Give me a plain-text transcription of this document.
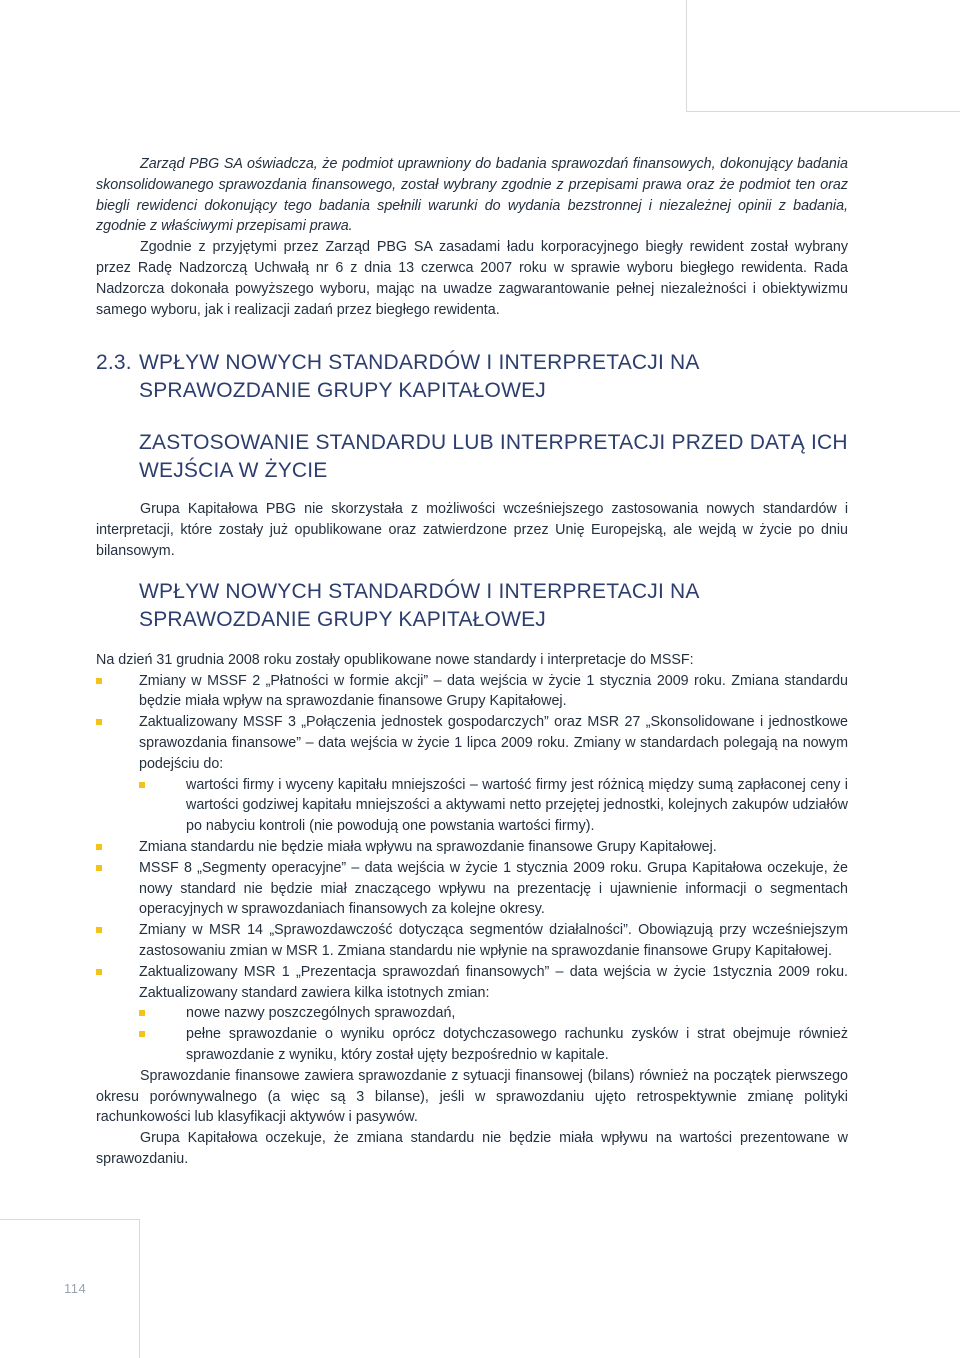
114

Zarząd PBG SA oświadcza, że podmiot uprawniony do badania sprawozdań finansowych, dokonujący badania skonsolidowanego sprawozdania finansowego, został wybrany zgodnie z przepisami prawa oraz że podmiot ten oraz biegli rewidenci dokonujący tego badania spełnili warunki do wydania bezstronnej i niezależnej opinii z badania, zgodnie z właściwymi przepisami prawa.

Zgodnie z przyjętymi przez Zarząd PBG SA zasadami ładu korporacyjnego biegły rewident został wybrany przez Radę Nadzorczą Uchwałą nr 6 z dnia 13 czerwca 2007 roku w sprawie wyboru biegłego rewidenta. Rada Nadzorcza dokonała powyższego wyboru, mając na uwadze zagwarantowanie pełnej niezależności i obiektywizmu samego wyboru, jak i realizacji zadań przez biegłego rewidenta.

2.3. WPŁYW NOWYCH STANDARDÓW I INTERPRETACJI NA SPRAWOZDANIE GRUPY KAPITAŁOWEJ
ZASTOSOWANIE STANDARDU LUB INTERPRETACJI PRZED DATĄ ICH WEJŚCIA W ŻYCIE

Grupa Kapitałowa PBG nie skorzystała z możliwości wcześniejszego zastosowania nowych standardów i interpretacji, które zostały już opublikowane oraz zatwierdzone przez Unię Europejską, ale wejdą w życie po dniu bilansowym.

WPŁYW NOWYCH STANDARDÓW I INTERPRETACJI NA SPRAWOZDANIE GRUPY KAPITAŁOWEJ

Na dzień 31 grudnia 2008 roku zostały opublikowane nowe standardy i interpretacje do MSSF:

Zmiany w MSSF 2 „Płatności w formie akcji” – data wejścia w życie 1 stycznia 2009 roku. Zmiana standardu będzie miała wpływ na sprawozdanie finansowe Grupy Kapitałowej.
Zaktualizowany MSSF 3 „Połączenia jednostek gospodarczych” oraz MSR 27 „Skonsolidowane i jednostkowe sprawozdania finansowe” – data wejścia w życie 1 lipca 2009 roku. Zmiany w standardach polegają na nowym podejściu do:
wartości firmy i wyceny kapitału mniejszości – wartość firmy jest różnicą między sumą zapłaconej ceny i wartości godziwej kapitału mniejszości a aktywami netto przejętej jednostki, kolejnych zakupów udziałów po nabyciu kontroli (nie powodują one powstania wartości firmy).
Zmiana standardu nie będzie miała wpływu na sprawozdanie finansowe Grupy Kapitałowej.
MSSF 8 „Segmenty operacyjne” – data wejścia w życie 1 stycznia 2009 roku. Grupa Kapitałowa oczekuje, że nowy standard nie będzie miał znaczącego wpływu na prezentację i ujawnienie informacji o segmentach operacyjnych w sprawozdaniach finansowych za kolejne okresy.
Zmiany w MSR 14 „Sprawozdawczość dotycząca segmentów działalności”. Obowiązują przy wcześniejszym zastosowaniu zmian w MSR 1. Zmiana standardu nie wpłynie na sprawozdanie finansowe Grupy Kapitałowej.
Zaktualizowany MSR 1 „Prezentacja sprawozdań finansowych” – data wejścia w życie 1stycznia 2009 roku. Zaktualizowany standard zawiera kilka istotnych zmian:
nowe nazwy poszczególnych sprawozdań,
pełne sprawozdanie o wyniku oprócz dotychczasowego rachunku zysków i strat obejmuje również sprawozdanie z wyniku, który został ujęty bezpośrednio w kapitale.

Sprawozdanie finansowe zawiera sprawozdanie z sytuacji finansowej (bilans) również na początek pierwszego okresu porównywalnego (a więc są 3 bilanse), jeśli w sprawozdaniu ujęto retrospektywnie zmianę polityki rachunkowości lub klasyfikacji aktywów i pasywów.

Grupa Kapitałowa oczekuje, że zmiana standardu nie będzie miała wpływu na wartości prezentowane w sprawozdaniu.
